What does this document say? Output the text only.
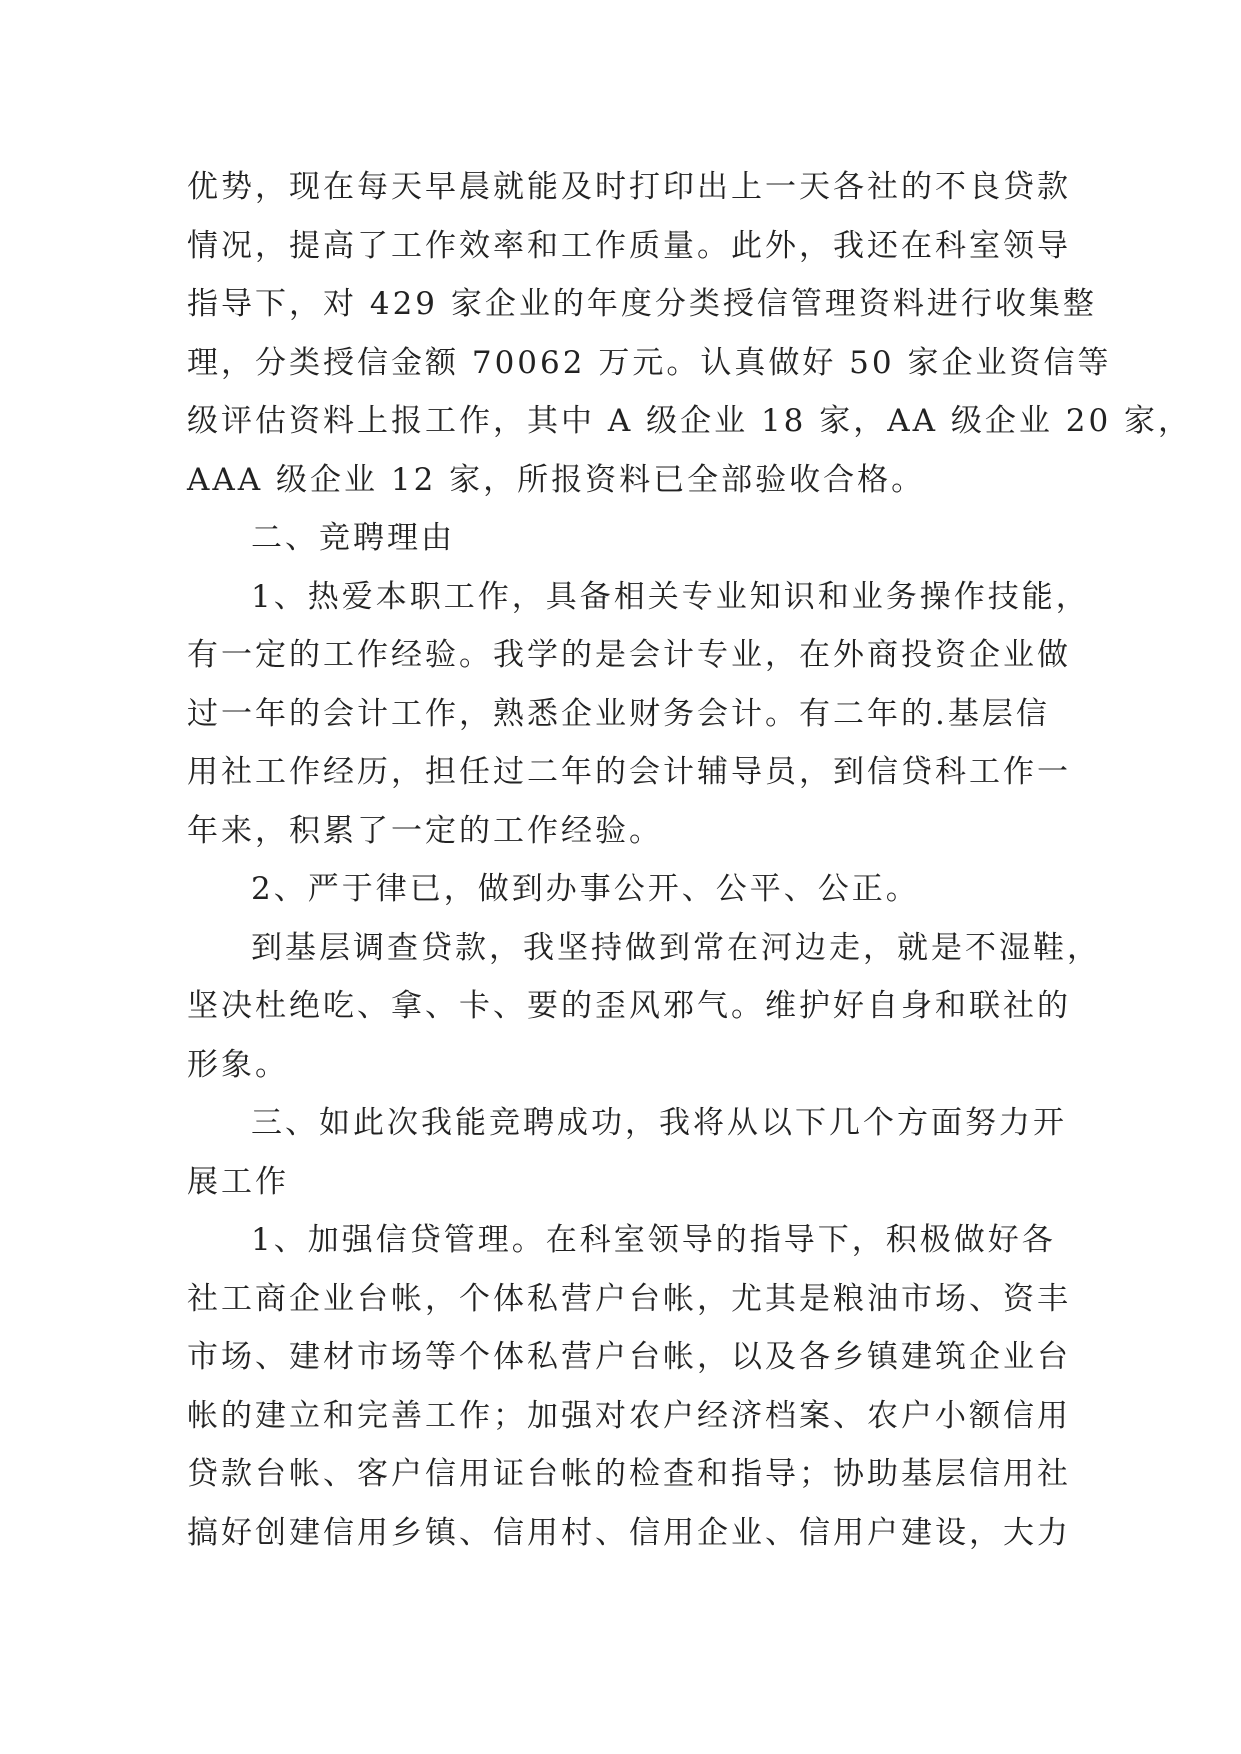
优势，现在每天早晨就能及时打印出上一天各社的不良贷款
情况，提高了工作效率和工作质量。此外，我还在科室领导
指导下，对 429 家企业的年度分类授信管理资料进行收集整
理，分类授信金额 70062 万元。认真做好 50 家企业资信等
级评估资料上报工作，其中 A 级企业 18 家，AA 级企业 20 家，
AAA 级企业 12 家，所报资料已全部验收合格。
二、竞聘理由
1、热爱本职工作，具备相关专业知识和业务操作技能，
有一定的工作经验。我学的是会计专业，在外商投资企业做
过一年的会计工作，熟悉企业财务会计。有二年的.基层信
用社工作经历，担任过二年的会计辅导员，到信贷科工作一
年来，积累了一定的工作经验。
2、严于律已，做到办事公开、公平、公正。
到基层调查贷款，我坚持做到常在河边走，就是不湿鞋，
坚决杜绝吃、拿、卡、要的歪风邪气。维护好自身和联社的
形象。
三、如此次我能竞聘成功，我将从以下几个方面努力开
展工作
1、加强信贷管理。在科室领导的指导下，积极做好各
社工商企业台帐，个体私营户台帐，尤其是粮油市场、资丰
市场、建材市场等个体私营户台帐，以及各乡镇建筑企业台
帐的建立和完善工作；加强对农户经济档案、农户小额信用
贷款台帐、客户信用证台帐的检查和指导；协助基层信用社
搞好创建信用乡镇、信用村、信用企业、信用户建设，大力
